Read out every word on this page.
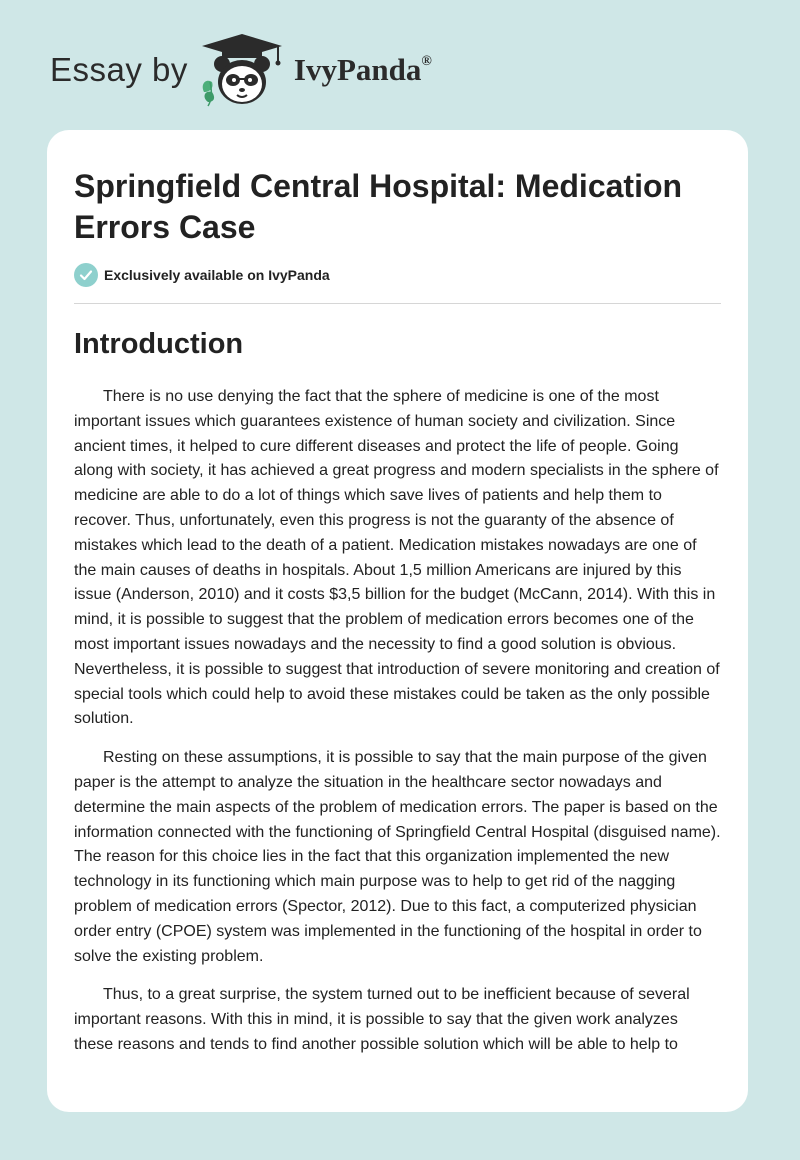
Essay by	IvyPanda®
Springfield Central Hospital: Medication Errors Case
Exclusively available on IvyPanda
Introduction

There is no use denying the fact that the sphere of medicine is one of the most important issues which guarantees existence of human society and civilization. Since ancient times, it helped to cure different diseases and protect the life of people. Going along with society, it has achieved a great progress and modern specialists in the sphere of medicine are able to do a lot of things which save lives of patients and help them to recover. Thus, unfortunately, even this progress is not the guaranty of the absence of mistakes which lead to the death of a patient. Medication mistakes nowadays are one of the main causes of deaths in hospitals. About 1,5 million Americans are injured by this issue (Anderson, 2010) and it costs $3,5 billion for the budget (McCann, 2014). With this in mind, it is possible to suggest that the problem of medication errors becomes one of the most important issues nowadays and the necessity to find a good solution is obvious. Nevertheless, it is possible to suggest that introduction of severe monitoring and creation of special tools which could help to avoid these mistakes could be taken as the only possible solution.

Resting on these assumptions, it is possible to say that the main purpose of the given paper is the attempt to analyze the situation in the healthcare sector nowadays and determine the main aspects of the problem of medication errors. The paper is based on the information connected with the functioning of Springfield Central Hospital (disguised name). The reason for this choice lies in the fact that this organization implemented the new technology in its functioning which main purpose was to help to get rid of the nagging problem of medication errors (Spector, 2012). Due to this fact, a computerized physician order entry (CPOE) system was implemented in the functioning of the hospital in order to solve the existing problem.

Thus, to a great surprise, the system turned out to be inefficient because of several important reasons. With this in mind, it is possible to say that the given work analyzes these reasons and tends to find another possible solution which will be able to help to
